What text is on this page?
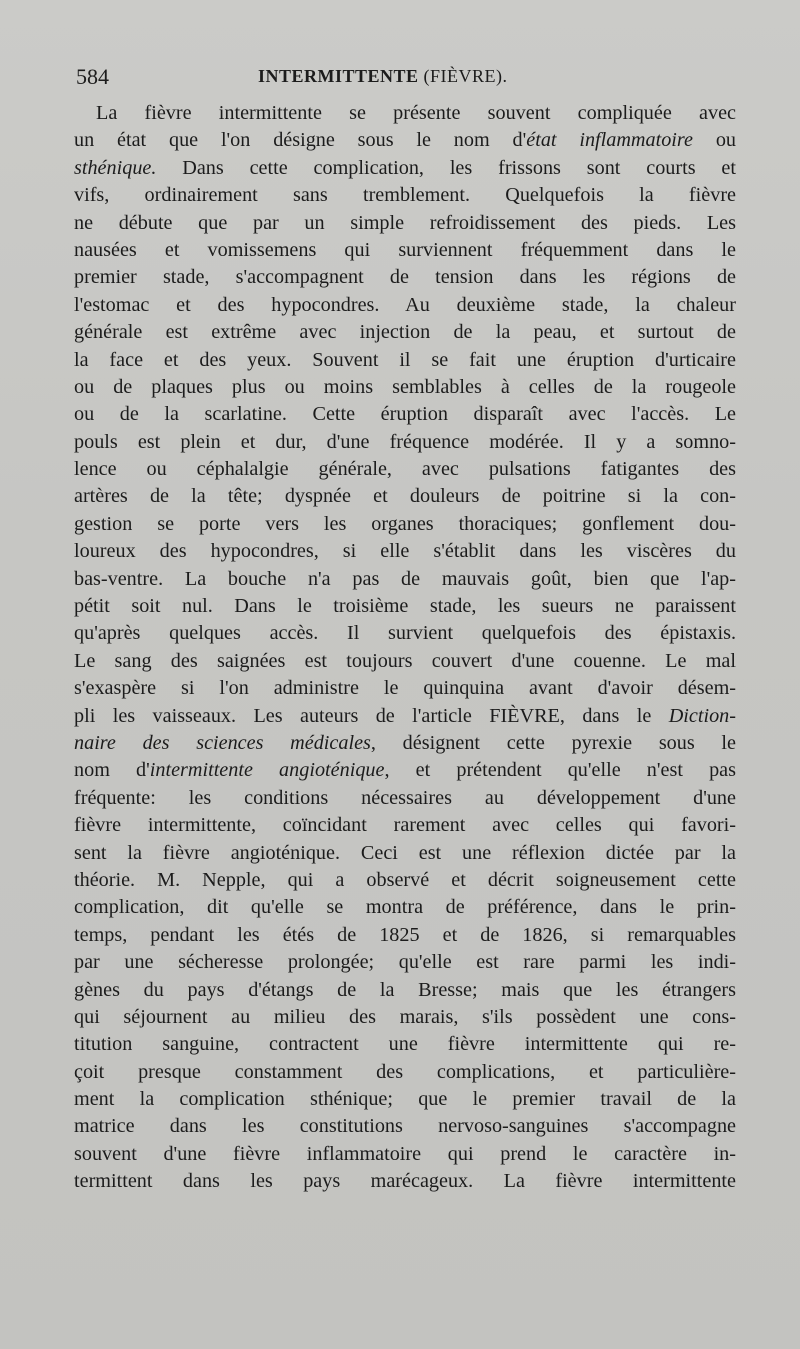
584	INTERMITTENTE (FIÈVRE).
La fièvre intermittente se présente souvent compliquée avec
un état que l'on désigne sous le nom d'état inflammatoire ou
sthénique. Dans cette complication, les frissons sont courts et
vifs, ordinairement sans tremblement. Quelquefois la fièvre
ne débute que par un simple refroidissement des pieds. Les
nausées et vomissemens qui surviennent fréquemment dans le
premier stade, s'accompagnent de tension dans les régions de
l'estomac et des hypocondres. Au deuxième stade, la chaleur
générale est extrême avec injection de la peau, et surtout de
la face et des yeux. Souvent il se fait une éruption d'urticaire
ou de plaques plus ou moins semblables à celles de la rougeole
ou de la scarlatine. Cette éruption disparaît avec l'accès. Le
pouls est plein et dur, d'une fréquence modérée. Il y a somno-
lence ou céphalalgie générale, avec pulsations fatigantes des
artères de la tête; dyspnée et douleurs de poitrine si la con-
gestion se porte vers les organes thoraciques; gonflement dou-
loureux des hypocondres, si elle s'établit dans les viscères du
bas-ventre. La bouche n'a pas de mauvais goût, bien que l'ap-
pétit soit nul. Dans le troisième stade, les sueurs ne paraissent
qu'après quelques accès. Il survient quelquefois des épistaxis.
Le sang des saignées est toujours couvert d'une couenne. Le mal
s'exaspère si l'on administre le quinquina avant d'avoir désem-
pli les vaisseaux. Les auteurs de l'article FIÈVRE, dans le Diction-
naire des sciences médicales, désignent cette pyrexie sous le
nom d'intermittente angioténique, et prétendent qu'elle n'est pas
fréquente: les conditions nécessaires au développement d'une
fièvre intermittente, coïncidant rarement avec celles qui favori-
sent la fièvre angioténique. Ceci est une réflexion dictée par la
théorie. M. Nepple, qui a observé et décrit soigneusement cette
complication, dit qu'elle se montra de préférence, dans le prin-
temps, pendant les étés de 1825 et de 1826, si remarquables
par une sécheresse prolongée; qu'elle est rare parmi les indi-
gènes du pays d'étangs de la Bresse; mais que les étrangers
qui séjournent au milieu des marais, s'ils possèdent une cons-
titution sanguine, contractent une fièvre intermittente qui re-
çoit presque constamment des complications, et particulière-
ment la complication sthénique; que le premier travail de la
matrice dans les constitutions nervoso-sanguines s'accompagne
souvent d'une fièvre inflammatoire qui prend le caractère in-
termittent dans les pays marécageux. La fièvre intermittente
